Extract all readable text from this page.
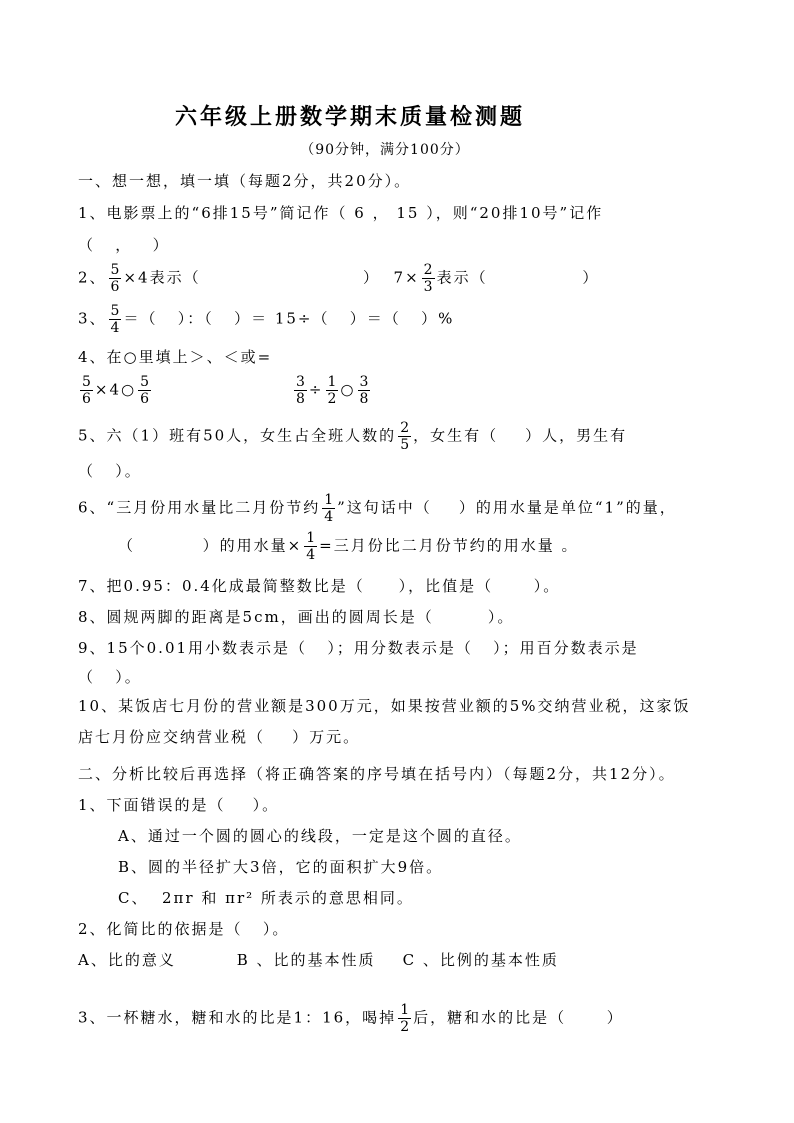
六年级上册数学期末质量检测题
（90分钟，满分100分）
一、想一想，填一填（每题2分，共20分）。
1、电影票上的“6排15号”简记作（ 6 ， 15 ），则“20排10号”记作
（   ，   ）
2、 $\frac{5}{6} \times 4$表示（                        ）  $7\times \frac{2}{3}$ 表示（              ）
3、 $\frac{5}{4}$ ＝（   ）：（   ）＝ 15÷（   ）＝（   ）%
4、在○里填上＞、＜或=
$\frac{5}{6}$ ×4○ $\frac{5}{6}$	$\frac{3}{8} \div \frac{1}{2}$ ○ $\frac{3}{8}$
5、六（1）班有50人，女生占全班人数的 $\frac{2}{5}$ ，女生有（    ）人，男生有
（   ）。
6、“三月份用水量比二月份节约 $\frac{1}{4}$ ”这句话中（    ）的用水量是单位“1”的量，
（          ）的用水量× $\frac{1}{4}$ =三月份比二月份节约的用水量 。
7、把0.95：0.4化成最简整数比是（     ），比值是（      ）。
8、圆规两脚的距离是5cm，画出的圆周长是（        ）。
9、15个0.01用小数表示是（   ）；用分数表示是（   ）；用百分数表示是
（   ）。
10、某饭店七月份的营业额是300万元，如果按营业额的5%交纳营业税，这家饭
店七月份应交纳营业税（    ）万元。
二、分析比较后再选择（将正确答案的序号填在括号内）（每题2分，共12分）。
1、下面错误的是（    ）。
A、通过一个圆的圆心的线段，一定是这个圆的直径。
B、圆的半径扩大3倍，它的面积扩大9倍。
C、  2πr 和 πr² 所表示的意思相同。
2、化简比的依据是（   ）。
A、比的意义         B 、比的基本性质    C 、比例的基本性质
3、一杯糖水，糖和水的比是1：16，喝掉 $\frac{1}{2}$ 后，糖和水的比是（      ）
